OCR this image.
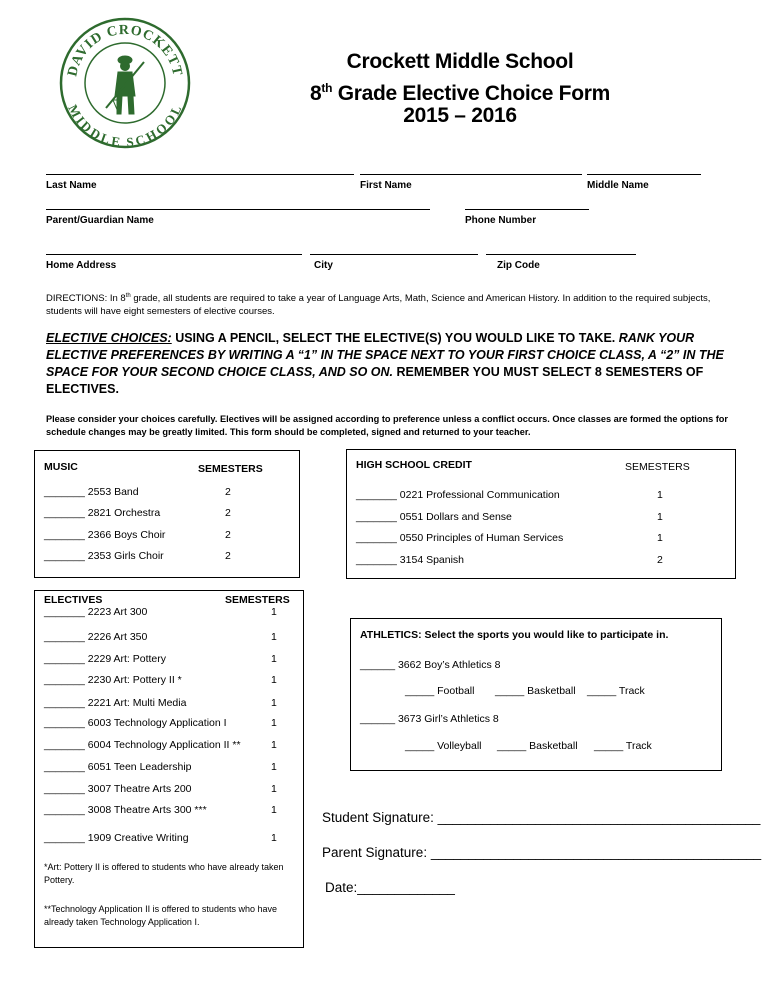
DAVID CROCKETT
MIDDLE SCHOOL
Crockett Middle School
8th Grade Elective Choice Form
2015 – 2016
Last Name	First Name	Middle Name
Parent/Guardian Name	Phone Number
Home Address	City	Zip Code
DIRECTIONS: In 8th grade, all students are required to take a year of Language Arts, Math, Science and American History. In addition to the required subjects, students will have eight semesters of elective courses.
ELECTIVE CHOICES: USING A PENCIL, SELECT THE ELECTIVE(S) YOU WOULD LIKE TO TAKE. RANK YOUR ELECTIVE PREFERENCES BY WRITING A “1” IN THE SPACE NEXT TO YOUR FIRST CHOICE CLASS, A “2” IN THE SPACE FOR YOUR SECOND CHOICE CLASS, AND SO ON. REMEMBER YOU MUST SELECT 8 SEMESTERS OF ELECTIVES.
Please consider your choices carefully. Electives will be assigned according to preference unless a conflict occurs. Once classes are formed the options for schedule changes may be greatly limited. This form should be completed, signed and returned to your teacher.
MUSIC	SEMESTERS
_______ 2553 Band	2
_______ 2821 Orchestra	2
_______ 2366 Boys Choir	2
_______ 2353 Girls Choir	2
HIGH SCHOOL CREDIT	SEMESTERS
_______ 0221 Professional Communication	1
_______ 0551 Dollars and Sense	1
_______ 0550 Principles of Human Services	1
_______ 3154 Spanish	2
ELECTIVES	SEMESTERS
_______ 2223 Art 300	1
_______ 2226 Art 350	1
_______ 2229 Art: Pottery	1
_______ 2230 Art: Pottery II *	1
_______ 2221 Art: Multi Media	1
_______ 6003 Technology Application I	1
_______ 6004 Technology Application II **	1
_______ 6051 Teen Leadership	1
_______ 3007 Theatre Arts 200	1
_______ 3008 Theatre Arts 300 ***	1
_______ 1909 Creative Writing	1
*Art: Pottery II is offered to students who have already taken Pottery.
**Technology Application II is offered to students who have already taken Technology Application I.
ATHLETICS: Select the sports you would like to participate in.
______ 3662 Boy’s Athletics 8
_____ Football _____ Basketball _____ Track
______ 3673 Girl’s Athletics 8
_____ Volleyball _____ Basketball _____ Track
Student Signature: ___________________________________________
Parent Signature: ____________________________________________
Date:_____________
